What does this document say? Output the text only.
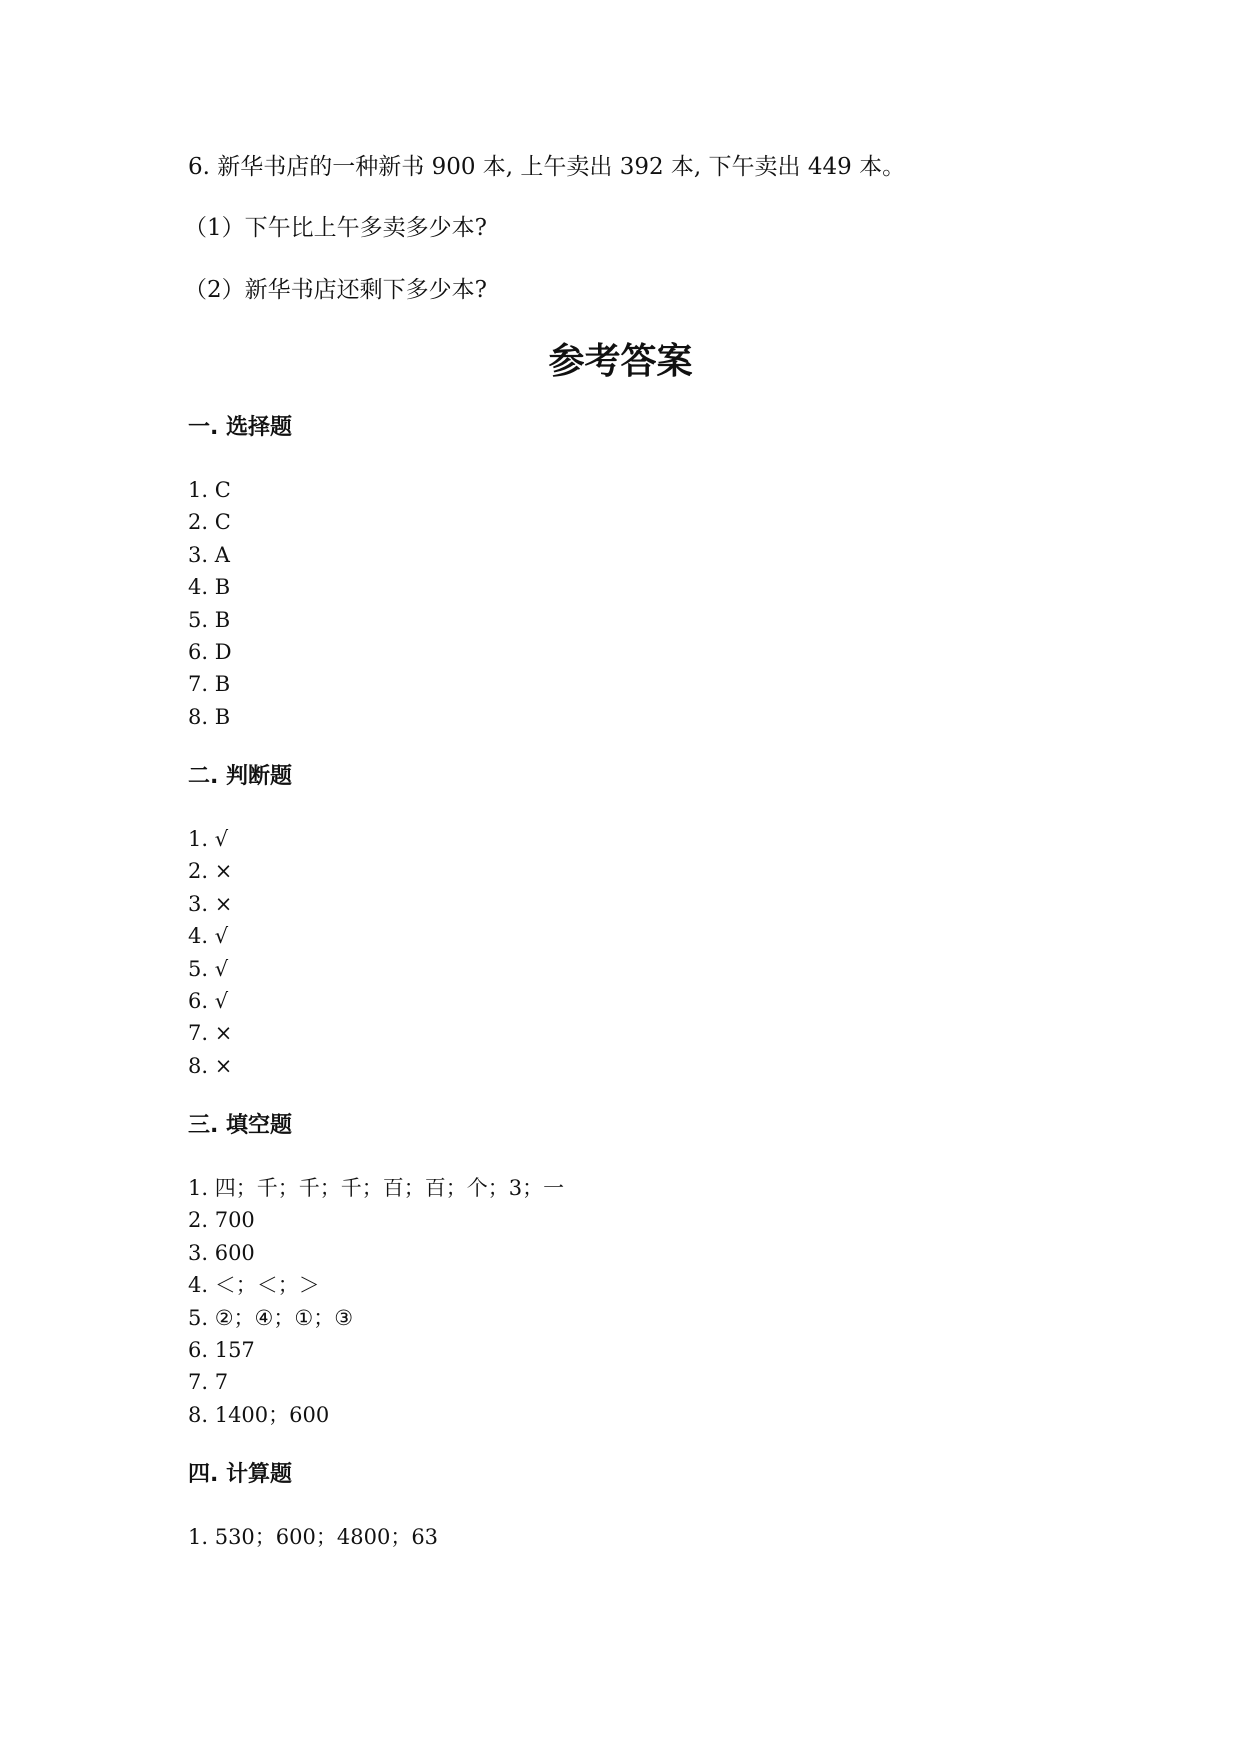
6. 新华书店的一种新书 900 本, 上午卖出 392 本, 下午卖出 449 本。
（1）下午比上午多卖多少本?
（2）新华书店还剩下多少本?
参考答案
一. 选择题
1. C
2. C
3. A
4. B
5. B
6. D
7. B
8. B
二. 判断题
1. √
2. ×
3. ×
4. √
5. √
6. √
7. ×
8. ×
三. 填空题
1. 四；千；千；千；百；百；个；3；一
2. 700
3. 600
4. ＜；＜；＞
5. ②；④；①；③
6. 157
7. 7
8. 1400；600
四. 计算题
1. 530；600；4800；63
